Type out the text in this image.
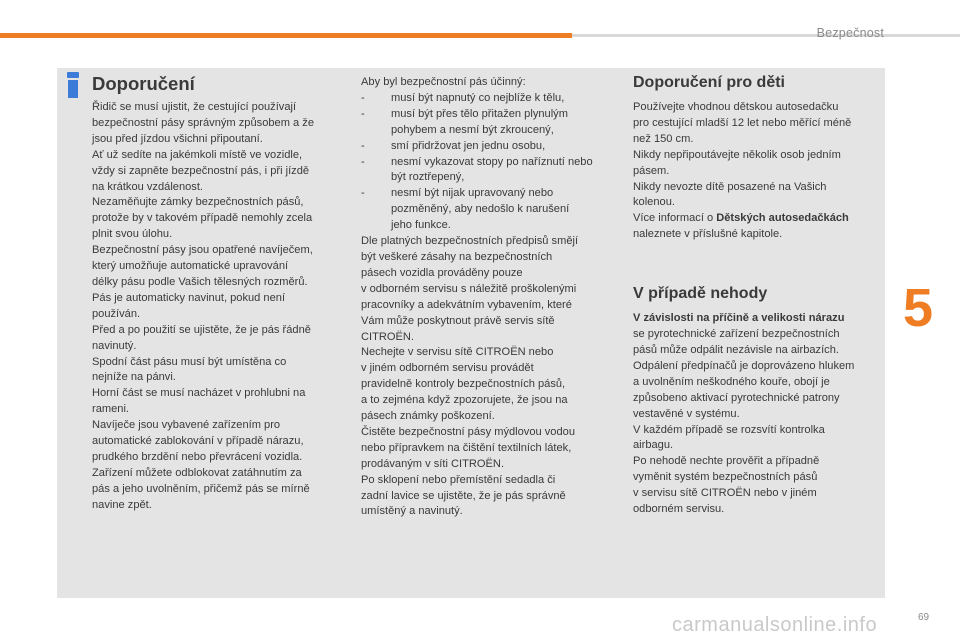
Bezpečnost
Doporučení

Řidič se musí ujistit, že cestující používají

bezpečnostní pásy správným způsobem a že

jsou před jízdou všichni připoutaní.

Ať už sedíte na jakémkoli místě ve vozidle,

vždy si zapněte bezpečnostní pás, i při jízdě

na krátkou vzdálenost.

Nezaměňujte zámky bezpečnostních pásů,

protože by v takovém případě nemohly zcela

plnit svou úlohu.

Bezpečnostní pásy jsou opatřené navíječem,

který umožňuje automatické upravování

délky pásu podle Vašich tělesných rozměrů.

Pás je automaticky navinut, pokud není

používán.

Před a po použití se ujistěte, že je pás řádně

navinutý.

Spodní část pásu musí být umístěna co

nejníže na pánvi.

Horní část se musí nacházet v prohlubni na

rameni.

Navíječe jsou vybavené zařízením pro

automatické zablokování v případě nárazu,

prudkého brzdění nebo převrácení vozidla.

Zařízení můžete odblokovat zatáhnutím za

pás a jeho uvolněním, přičemž pás se mírně

navine zpět.

Aby byl bezpečnostní pás účinný:

-	musí být napnutý co nejblíže k tělu,
-	musí být přes tělo přitažen plynulým
pohybem a nesmí být zkroucený,
-	smí přidržovat jen jednu osobu,
-	nesmí vykazovat stopy po naříznutí nebo
být roztřepený,
-	nesmí být nijak upravovaný nebo
pozměněný, aby nedošlo k narušení
jeho funkce.

Dle platných bezpečnostních předpisů smějí

být veškeré zásahy na bezpečnostních

pásech vozidla prováděny pouze

v odborném servisu s náležitě proškolenými

pracovníky a adekvátním vybavením, které

Vám může poskytnout právě servis sítě

CITROËN.

Nechejte v servisu sítě CITROËN nebo

v jiném odborném servisu provádět

pravidelně kontroly bezpečnostních pásů,

a to zejména když zpozorujete, že jsou na

pásech známky poškození.

Čistěte bezpečnostní pásy mýdlovou vodou

nebo přípravkem na čištění textilních látek,

prodávaným v síti CITROËN.

Po sklopení nebo přemístění sedadla či

zadní lavice se ujistěte, že je pás správně

umístěný a navinutý.

Doporučení pro děti

Používejte vhodnou dětskou autosedačku

pro cestující mladší 12 let nebo měřící méně

než 150 cm.

Nikdy nepřipoutávejte několik osob jedním

pásem.

Nikdy nevozte dítě posazené na Vašich

kolenou.

Více informací o Dětských autosedačkách

naleznete v příslušné kapitole.

V případě nehody

V závislosti na příčině a velikosti nárazu

se pyrotechnické zařízení bezpečnostních

pásů může odpálit nezávisle na airbazích.

Odpálení předpínačů je doprovázeno hlukem

a uvolněním neškodného kouře, obojí je

způsobeno aktivací pyrotechnické patrony

vestavěné v systému.

V každém případě se rozsvítí kontrolka

airbagu.

Po nehodě nechte prověřit a případně

vyměnit systém bezpečnostních pásů

v servisu sítě CITROËN nebo v jiném

odborném servisu.

5
carmanualsonline.info	69
